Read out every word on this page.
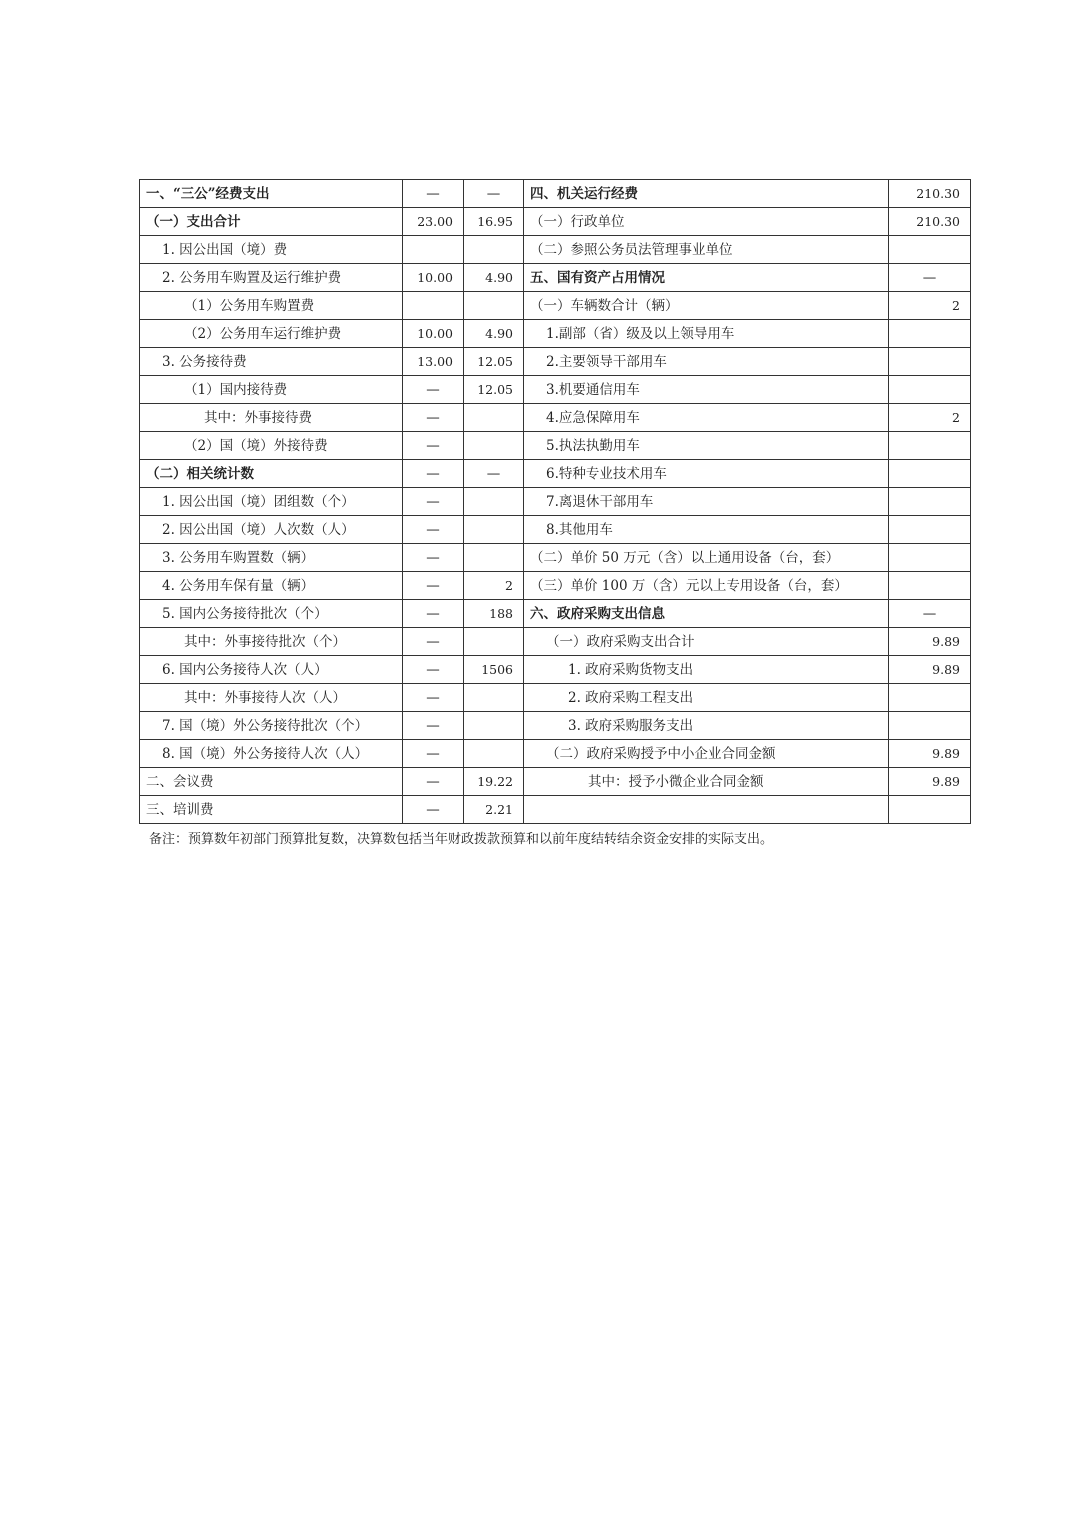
一、“三公”经费支出	—	—	四、机关运行经费	210.30
（一）支出合计	23.00	16.95	（一）行政单位	210.30
1. 因公出国（境）费			（二）参照公务员法管理事业单位	
2. 公务用车购置及运行维护费	10.00	4.90	五、国有资产占用情况	—
（1）公务用车购置费			（一）车辆数合计（辆）	2
（2）公务用车运行维护费	10.00	4.90	1.副部（省）级及以上领导用车	
3. 公务接待费	13.00	12.05	2.主要领导干部用车	
（1）国内接待费	—	12.05	3.机要通信用车	
其中：外事接待费	—		4.应急保障用车	2
（2）国（境）外接待费	—		5.执法执勤用车	
（二）相关统计数	—	—	6.特种专业技术用车	
1. 因公出国（境）团组数（个）	—		7.离退休干部用车	
2. 因公出国（境）人次数（人）	—		8.其他用车	
3. 公务用车购置数（辆）	—		（二）单价 50 万元（含）以上通用设备（台，套）	
4. 公务用车保有量（辆）	—	2	（三）单价 100 万（含）元以上专用设备（台，套）	
5. 国内公务接待批次（个）	—	188	六、政府采购支出信息	—
其中：外事接待批次（个）	—		（一）政府采购支出合计	9.89
6. 国内公务接待人次（人）	—	1506	1. 政府采购货物支出	9.89
其中：外事接待人次（人）	—		2. 政府采购工程支出	
7. 国（境）外公务接待批次（个）	—		3. 政府采购服务支出	
8. 国（境）外公务接待人次（人）	—		（二）政府采购授予中小企业合同金额	9.89
二、会议费	—	19.22	其中：授予小微企业合同金额	9.89
三、培训费	—	2.21		
备注：预算数年初部门预算批复数，决算数包括当年财政拨款预算和以前年度结转结余资金安排的实际支出。
